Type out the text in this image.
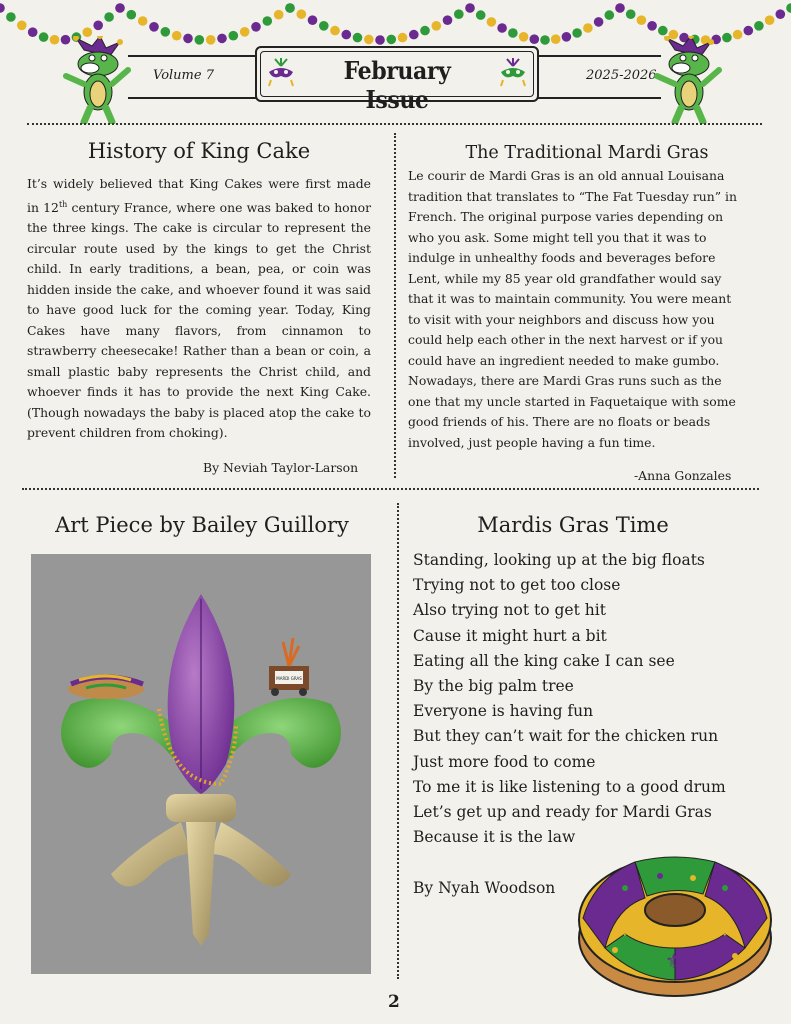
Volume 7	2025-2026
February Issue
History of King Cake
It’s widely believed that King Cakes were first made in 12th century France, where one was baked to honor the three kings. The cake is circular to represent the circular route used by the kings to get the Christ child. In early traditions, a bean, pea, or coin was hidden inside the cake, and whoever found it was said to have good luck for the coming year. Today, King Cakes have many flavors, from cinnamon to strawberry cheesecake! Rather than a bean or coin, a small plastic baby represents the Christ child, and whoever finds it has to provide the next King Cake. (Though nowadays the baby is placed atop the cake to prevent children from choking).
By Neviah Taylor-Larson
The Traditional Mardi Gras
Le courir de Mardi Gras is an old annual Louisana
tradition that translates to “The Fat Tuesday run” in
French. The original purpose varies depending on
who you ask. Some might tell you that it was to
indulge in unhealthy foods and beverages before
Lent, while my 85 year old grandfather would say
that it was to maintain community. You were meant
to visit with your neighbors and discuss how you
could help each other in the next harvest or if you
could have an ingredient needed to make gumbo.
Nowadays, there are Mardi Gras runs such as the
one that my uncle started in Faquetaique with some
good friends of his. There are no floats or beads
involved, just people having a fun time.
-Anna Gonzales
Art Piece by Bailey Guillory
MARDI GRAS
Mardis Gras Time
Standing, looking up at the big floats
Trying not to get too close
Also trying not to get hit
Cause it might hurt a bit
Eating all the king cake I can see
By the big palm tree
Everyone is having fun
But they can’t wait for the chicken run
Just more food to come
To me it is like listening to a good drum
Let’s get up and ready for Mardi Gras
Because it is the law
By Nyah Woodson
⚜	⚜
⚜
2
